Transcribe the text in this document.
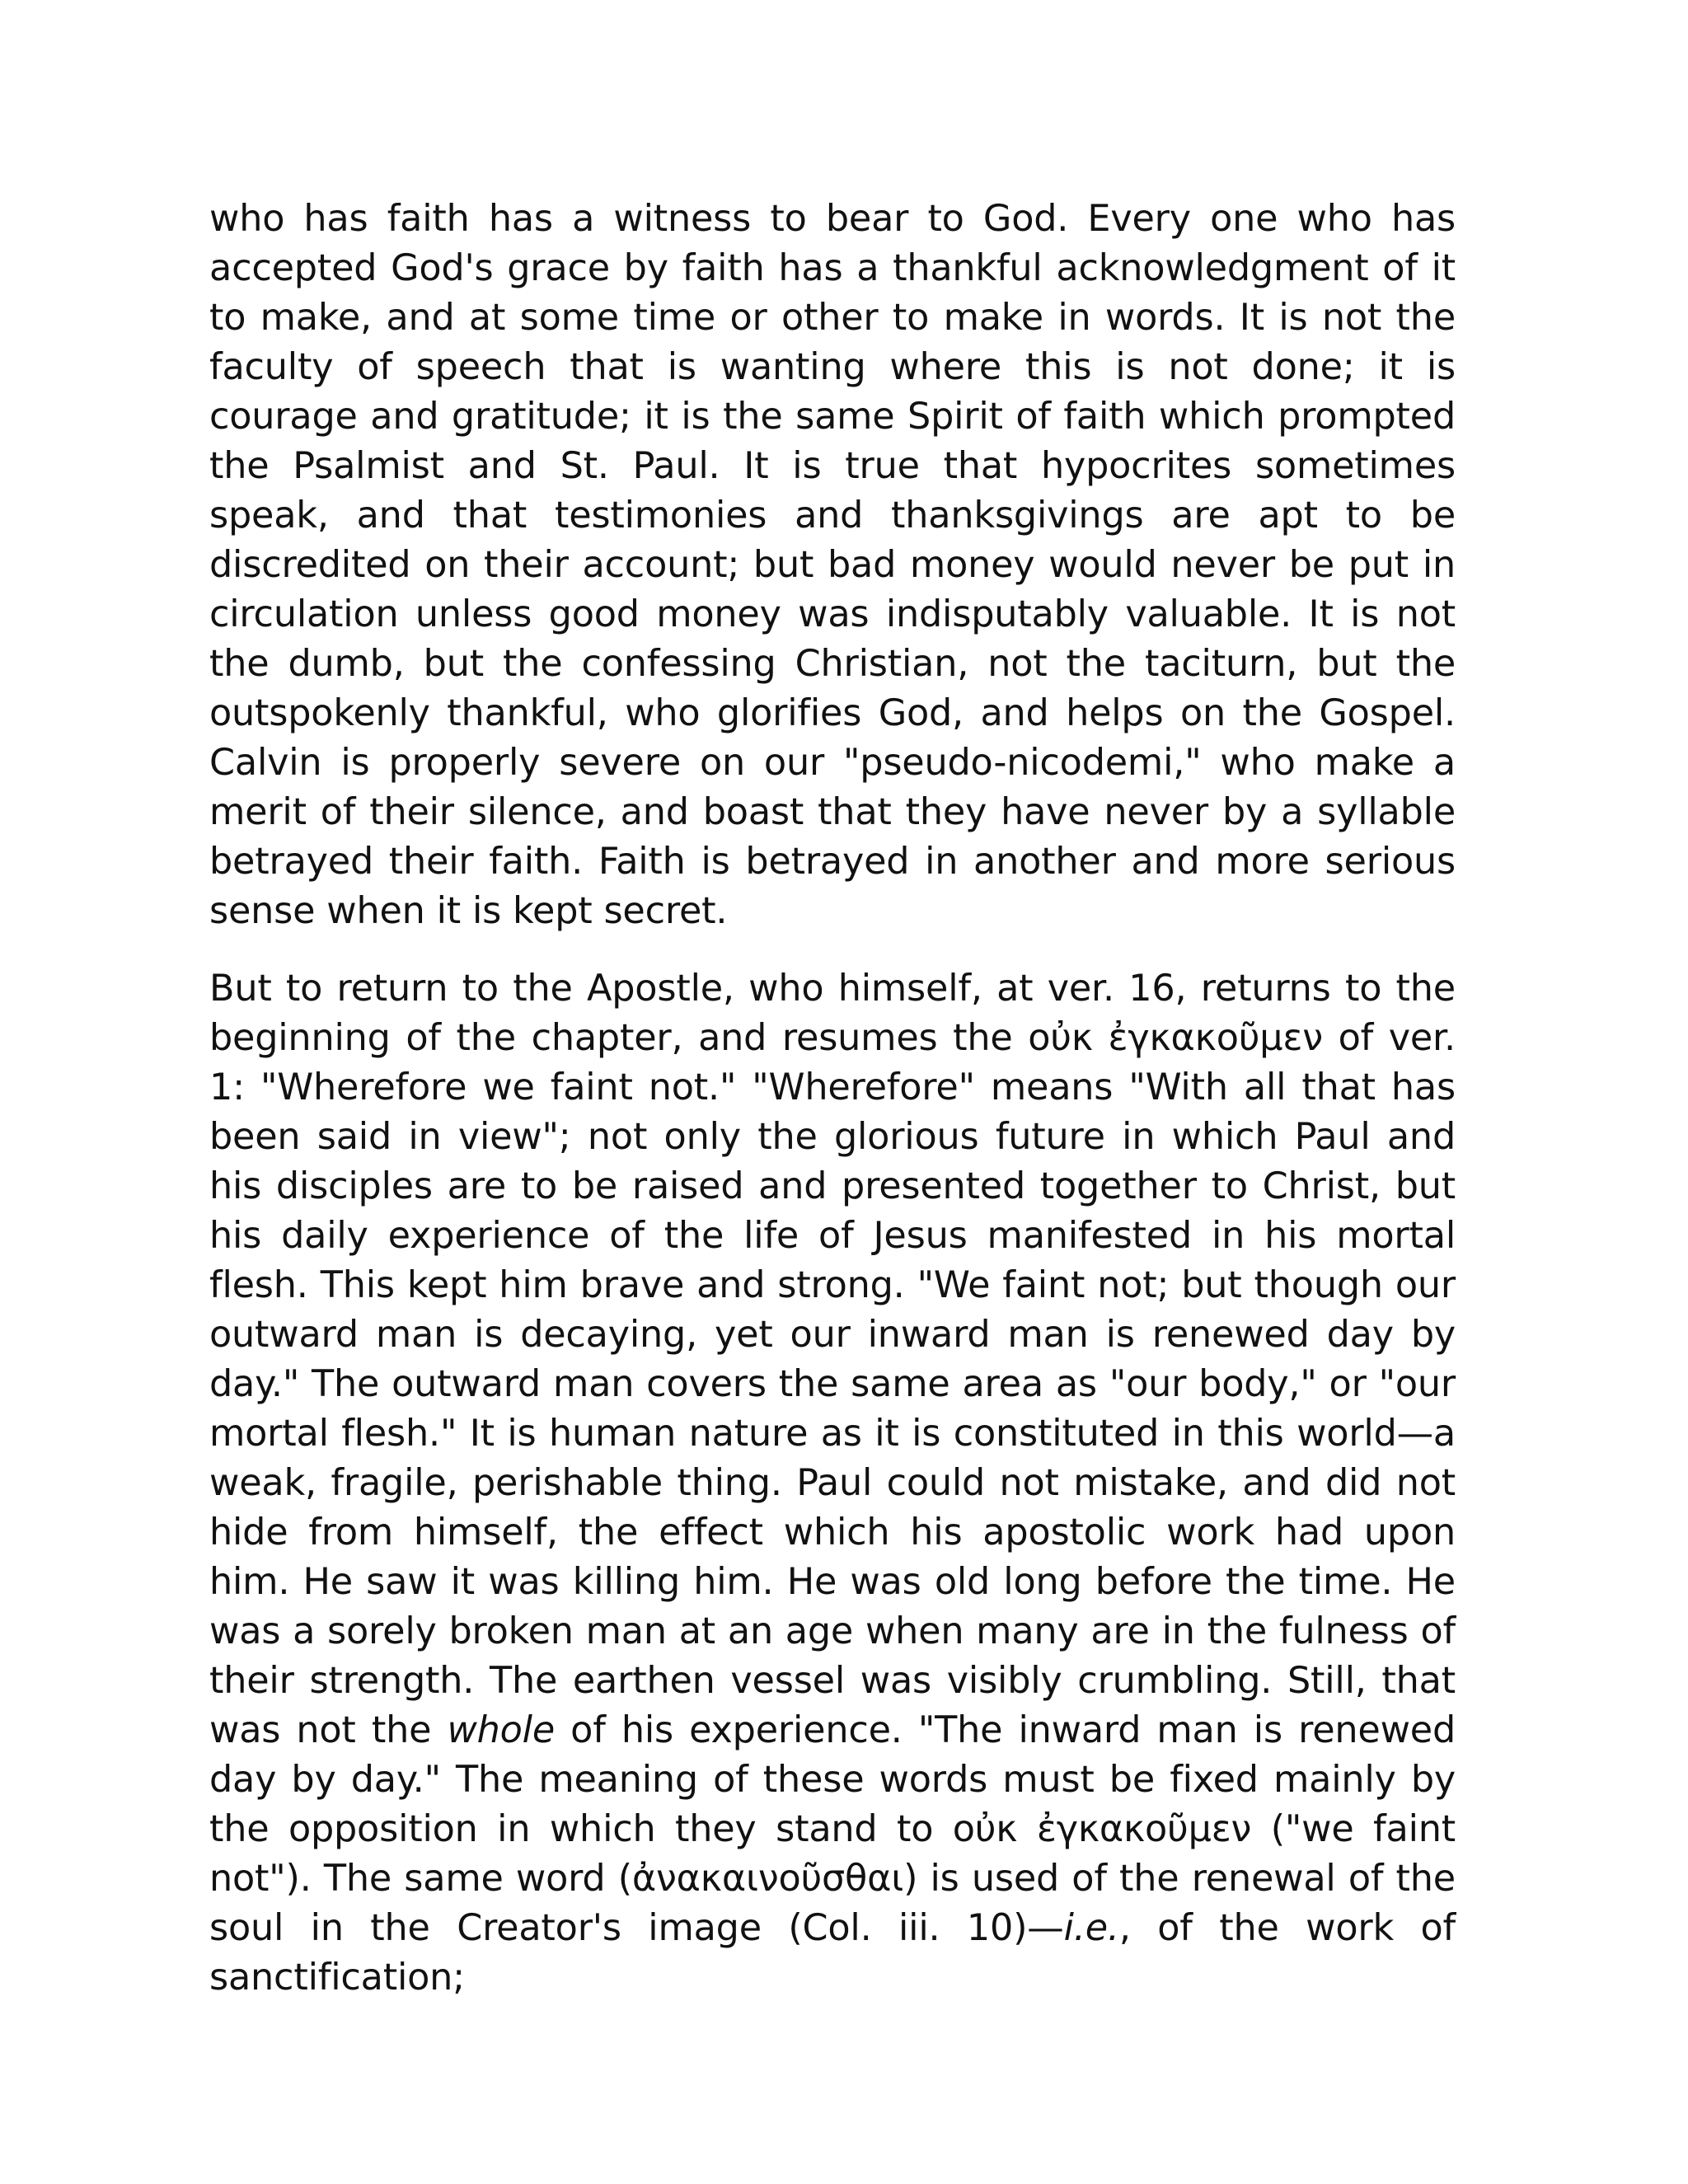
who has faith has a witness to bear to God. Every one who has accepted God's grace by faith has a thankful acknowledgment of it to make, and at some time or other to make in words. It is not the faculty of speech that is wanting where this is not done; it is courage and gratitude; it is the same Spirit of faith which prompted the Psalmist and St. Paul. It is true that hypocrites sometimes speak, and that testimonies and thanksgivings are apt to be discredited on their account; but bad money would never be put in circulation unless good money was indisputably valuable. It is not the dumb, but the confessing Christian, not the taciturn, but the outspokenly thankful, who glorifies God, and helps on the Gospel. Calvin is properly severe on our "pseudo-nicodemi," who make a merit of their silence, and boast that they have never by a syllable betrayed their faith. Faith is betrayed in another and more serious sense when it is kept secret.

But to return to the Apostle, who himself, at ver. 16, returns to the beginning of the chapter, and resumes the οὐκ ἐγκακοῦμεν of ver. 1: "Wherefore we faint not." "Wherefore" means "With all that has been said in view"; not only the glorious future in which Paul and his disciples are to be raised and presented together to Christ, but his daily experience of the life of Jesus manifested in his mortal flesh. This kept him brave and strong. "We faint not; but though our outward man is decaying, yet our inward man is renewed day by day." The outward man covers the same area as "our body," or "our mortal flesh." It is human nature as it is constituted in this world—a weak, fragile, perishable thing. Paul could not mistake, and did not hide from himself, the effect which his apostolic work had upon him. He saw it was killing him. He was old long before the time. He was a sorely broken man at an age when many are in the fulness of their strength. The earthen vessel was visibly crumbling. Still, that was not the whole of his experience. "The inward man is renewed day by day." The meaning of these words must be fixed mainly by the opposition in which they stand to οὐκ ἐγκακοῦμεν ("we faint not"). The same word (ἀνακαινοῦσθαι) is used of the renewal of the soul in the Creator's image (Col. iii. 10)—i.e., of the work of sanctification;
